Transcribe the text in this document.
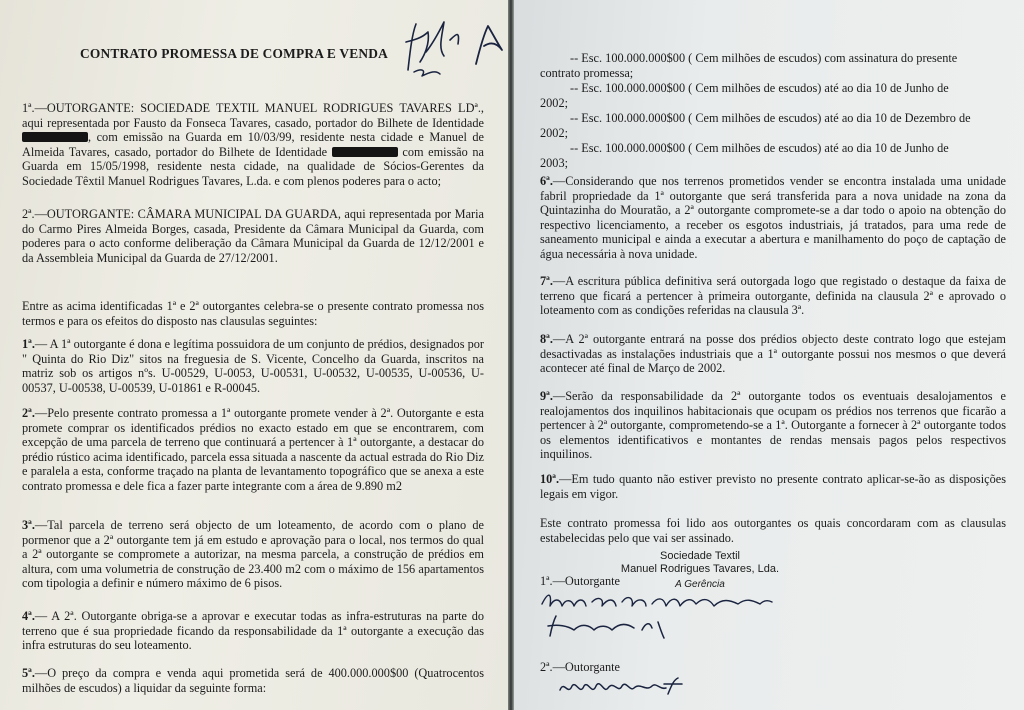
CONTRATO PROMESSA DE COMPRA E VENDA

1ª.—OUTORGANTE: SOCIEDADE TEXTIL MANUEL RODRIGUES TAVARES LDª., aqui representada por Fausto da Fonseca Tavares, casado, portador do Bilhete de Identidade , com emissão na Guarda em 10/03/99, residente nesta cidade e Manuel de Almeida Tavares, casado, portador do Bilhete de Identidade	com emissão na Guarda em 15/05/1998, residente nesta cidade, na qualidade de Sócios-Gerentes da Sociedade Têxtil Manuel Rodrigues Tavares, L.da. e com plenos poderes para o acto;

2ª.—OUTORGANTE: CÂMARA MUNICIPAL DA GUARDA, aqui representada por Maria do Carmo Pires Almeida Borges, casada, Presidente da Câmara Municipal da Guarda, com poderes para o acto conforme deliberação da Câmara Municipal da Guarda de 12/12/2001 e da Assembleia Municipal da Guarda de 27/12/2001.

Entre as acima identificadas 1ª e 2ª outorgantes celebra-se o presente contrato promessa nos termos e para os efeitos do disposto nas clausulas seguintes:

1ª.— A 1ª outorgante é dona e legítima possuidora de um conjunto de prédios, designados por " Quinta do Rio Diz" sitos na freguesia de S. Vicente, Concelho da Guarda, inscritos na matriz sob os artigos nºs. U-00529, U-0053, U-00531, U-00532, U-00535, U-00536, U-00537, U-00538, U-00539, U-01861 e R-00045.

2ª.—Pelo presente contrato promessa a 1ª outorgante promete vender à 2ª. Outorgante e esta promete comprar os identificados prédios no exacto estado em que se encontrarem, com excepção de uma parcela de terreno que continuará a pertencer à 1ª outorgante, a destacar do prédio rústico acima identificado, parcela essa situada a nascente da actual estrada do Rio Diz e paralela a esta, conforme traçado na planta de levantamento topográfico que se anexa a este contrato promessa e dele fica a fazer parte integrante com a área de 9.890 m2

3ª.—Tal parcela de terreno será objecto de um loteamento, de acordo com o plano de pormenor que a 2ª outorgante tem já em estudo e aprovação para o local, nos termos do qual a 2ª outorgante se compromete a autorizar, na mesma parcela, a construção de prédios em altura, com uma volumetria de construção de 23.400 m2 com o máximo de 156 apartamentos com tipologia a definir e número máximo de 6 pisos.

4ª.— A 2ª. Outorgante obriga-se a aprovar e executar todas as infra-estruturas na parte do terreno que é sua propriedade ficando da responsabilidade da 1ª outorgante a execução das infra estruturas do seu loteamento.

5ª.—O preço da compra e venda aqui prometida será de 400.000.000$00 (Quatrocentos milhões de escudos) a liquidar da seguinte forma:

-- Esc. 100.000.000$00 ( Cem milhões de escudos) com assinatura do presente

contrato promessa;

-- Esc. 100.000.000$00 ( Cem milhões de escudos) até ao dia 10 de Junho de

2002;

-- Esc. 100.000.000$00 ( Cem milhões de escudos) até ao dia 10 de Dezembro de

2002;

-- Esc. 100.000.000$00 ( Cem milhões de escudos) até ao dia 10 de Junho de

2003;

6ª.—Considerando que nos terrenos prometidos vender se encontra instalada uma unidade fabril propriedade da 1ª outorgante que será transferida para a nova unidade na zona da Quintazinha do Mouratão, a 2ª outorgante compromete-se a dar todo o apoio na obtenção do respectivo licenciamento, a receber os esgotos industriais, já tratados, para uma rede de saneamento municipal e ainda a executar a abertura e manilhamento do poço de captação de água necessária à nova unidade.

7ª.—A escritura pública definitiva será outorgada logo que registado o destaque da faixa de terreno que ficará a pertencer à primeira outorgante, definida na clausula 2ª e aprovado o loteamento com as condições referidas na clausula 3ª.

8ª.—A 2ª outorgante entrará na posse dos prédios objecto deste contrato logo que estejam desactivadas as instalações industriais que a 1ª outorgante possui nos mesmos o que deverá acontecer até final de Março de 2002.

9ª.—Serão da responsabilidade da 2ª outorgante todos os eventuais desalojamentos e realojamentos dos inquilinos habitacionais que ocupam os prédios nos terrenos que ficarão a pertencer à 2ª outorgante, comprometendo-se a 1ª. Outorgante a fornecer à 2ª outorgante todos os elementos identificativos e montantes de rendas mensais pagos pelos respectivos inquilinos.

10ª.—Em tudo quanto não estiver previsto no presente contrato aplicar-se-ão as disposições legais em vigor.

Este contrato promessa foi lido aos outorgantes os quais concordaram com as clausulas estabelecidas pelo que vai ser assinado.

Sociedade Textil
Manuel Rodrigues Tavares, Lda.
A Gerência
1ª.—Outorgante
2ª.—Outorgante
